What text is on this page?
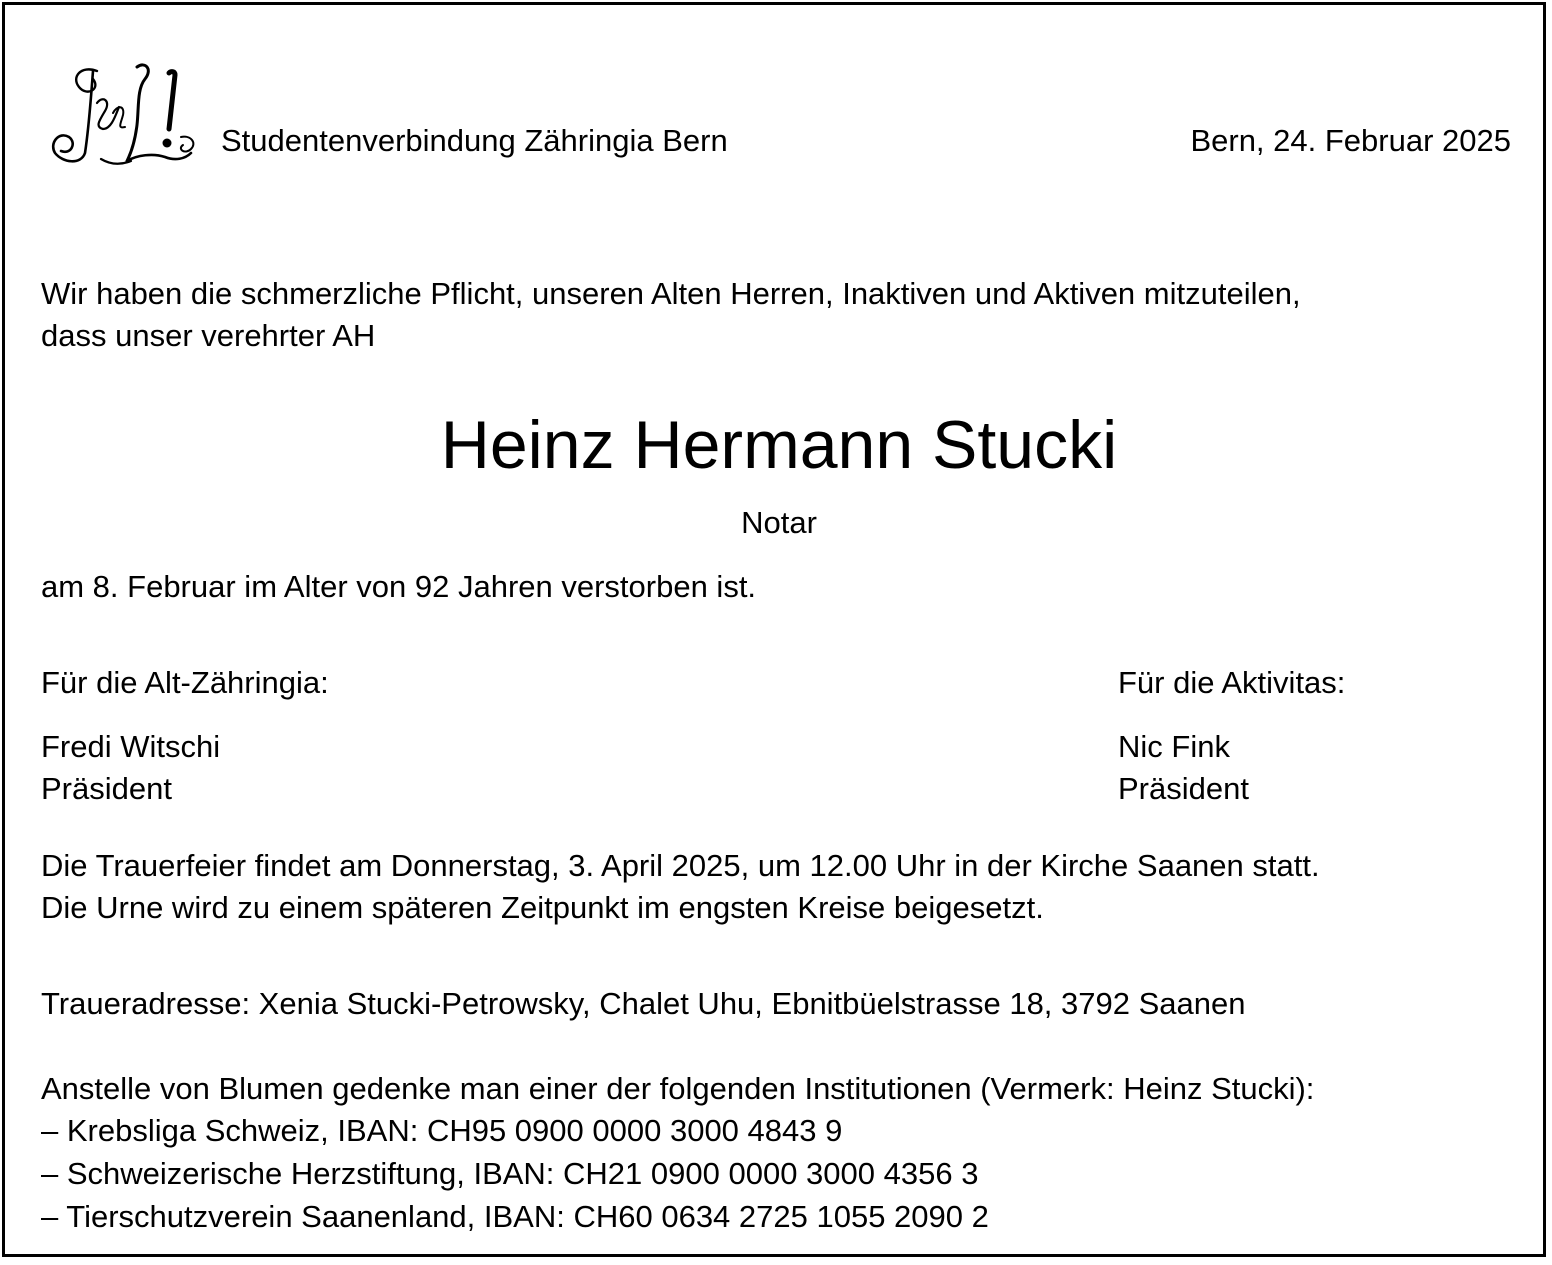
Studentenverbindung Zähringia Bern	Bern, 24. Februar 2025
Wir haben die schmerzliche Pflicht, unseren Alten Herren, Inaktiven und Aktiven mitzuteilen,
dass unser verehrter AH
Heinz Hermann Stucki
Notar
am 8. Februar im Alter von 92 Jahren verstorben ist.
Für die Alt-Zähringia:
Fredi Witschi
Präsident
Für die Aktivitas:
Nic Fink
Präsident
Die Trauerfeier findet am Donnerstag, 3. April 2025, um 12.00 Uhr in der Kirche Saanen statt.
Die Urne wird zu einem späteren Zeitpunkt im engsten Kreise beigesetzt.
Traueradresse: Xenia Stucki-Petrowsky, Chalet Uhu, Ebnitbüelstrasse 18, 3792 Saanen
Anstelle von Blumen gedenke man einer der folgenden Institutionen (Vermerk: Heinz Stucki):
– Krebsliga Schweiz, IBAN: CH95 0900 0000 3000 4843 9
– Schweizerische Herzstiftung, IBAN: CH21 0900 0000 3000 4356 3
– Tierschutzverein Saanenland, IBAN: CH60 0634 2725 1055 2090 2
